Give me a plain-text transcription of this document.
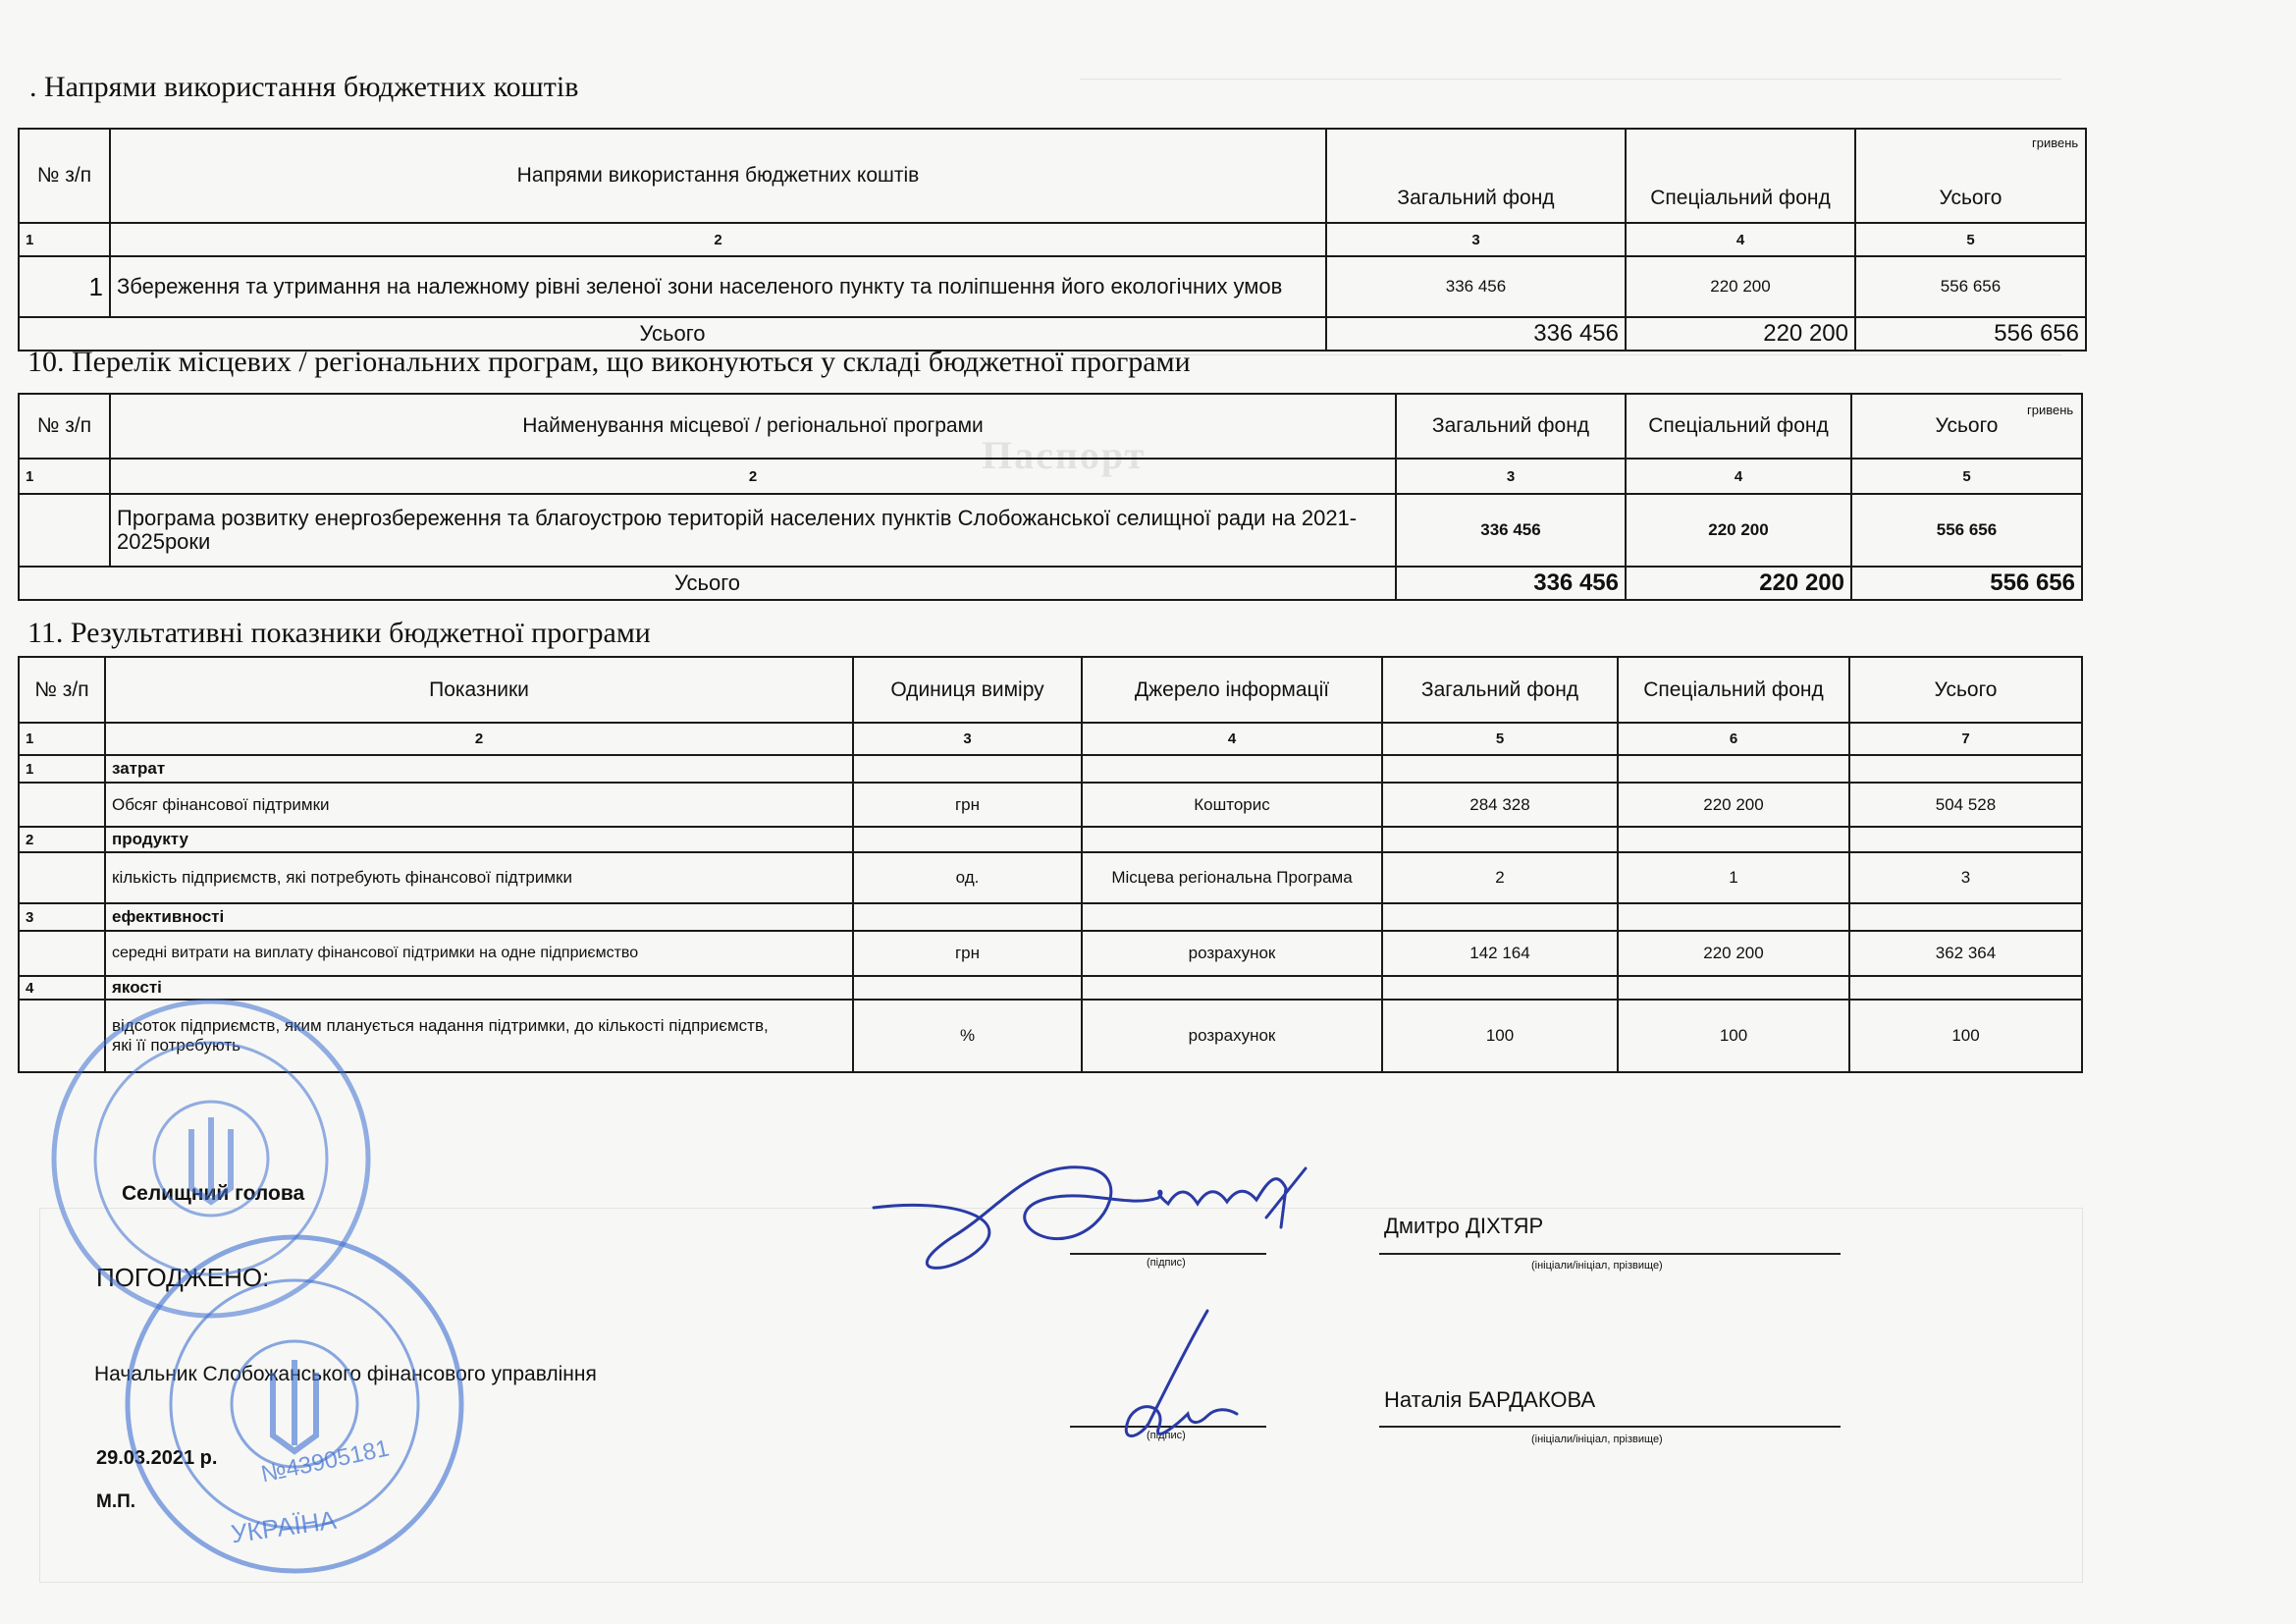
Паспорт
. Напрями використання бюджетних коштів
гривень
№ з/п	Напрями використання бюджетних коштів	Загальний фонд	Спеціальний фонд	Усього
1	2	3	4	5
1	Збереження та утримання на належному рівні зеленої зони населеного пункту та поліпшення його екологічних умов	336 456	220 200	556 656
Усього		336 456	220 200	556 656
10. Перелік місцевих / регіональних програм, що виконуються у складі бюджетної програми
гривень
№ з/п	Найменування місцевої / регіональної програми	Загальний фонд	Спеціальний фонд	Усього
1	2	3	4	5
	Програма розвитку енергозбереження та благоустрою територій населених пунктів Слобожанської селищної ради на 2021-2025роки	336 456	220 200	556 656
Усього		336 456	220 200	556 656
11. Результативні показники бюджетної програми
№ з/п	Показники	Одиниця виміру	Джерело інформації	Загальний фонд	Спеціальний фонд	Усього
1	2	3	4	5	6	7
1	затрат					
	Обсяг фінансової підтримки	грн	Кошторис	284 328	220 200	504 528
2	продукту					
	кількість підприємств, які потребують фінансової підтримки	од.	Місцева регіональна Програма	2	1	3
3	ефективності					
	середні витрати на виплату фінансової підтримки на одне підприємство	грн	розрахунок	142 164	220 200	362 364
4	якості					

	відсоток підприємств, яким планується надання підтримки, до кількості підприємств, які її потребують	%	розрахунок	100	100	100
Селищний голова
Дмитро ДІХТЯР
(підпис)	(ініціали/ініціал, прізвище)
ПОГОДЖЕНО:
Начальник Слобожанського фінансового управління
Наталія БАРДАКОВА
(підпис)	(ініціали/ініціал, прізвище)
29.03.2021 р.
М.П.
№43905181
УКРАЇНА
